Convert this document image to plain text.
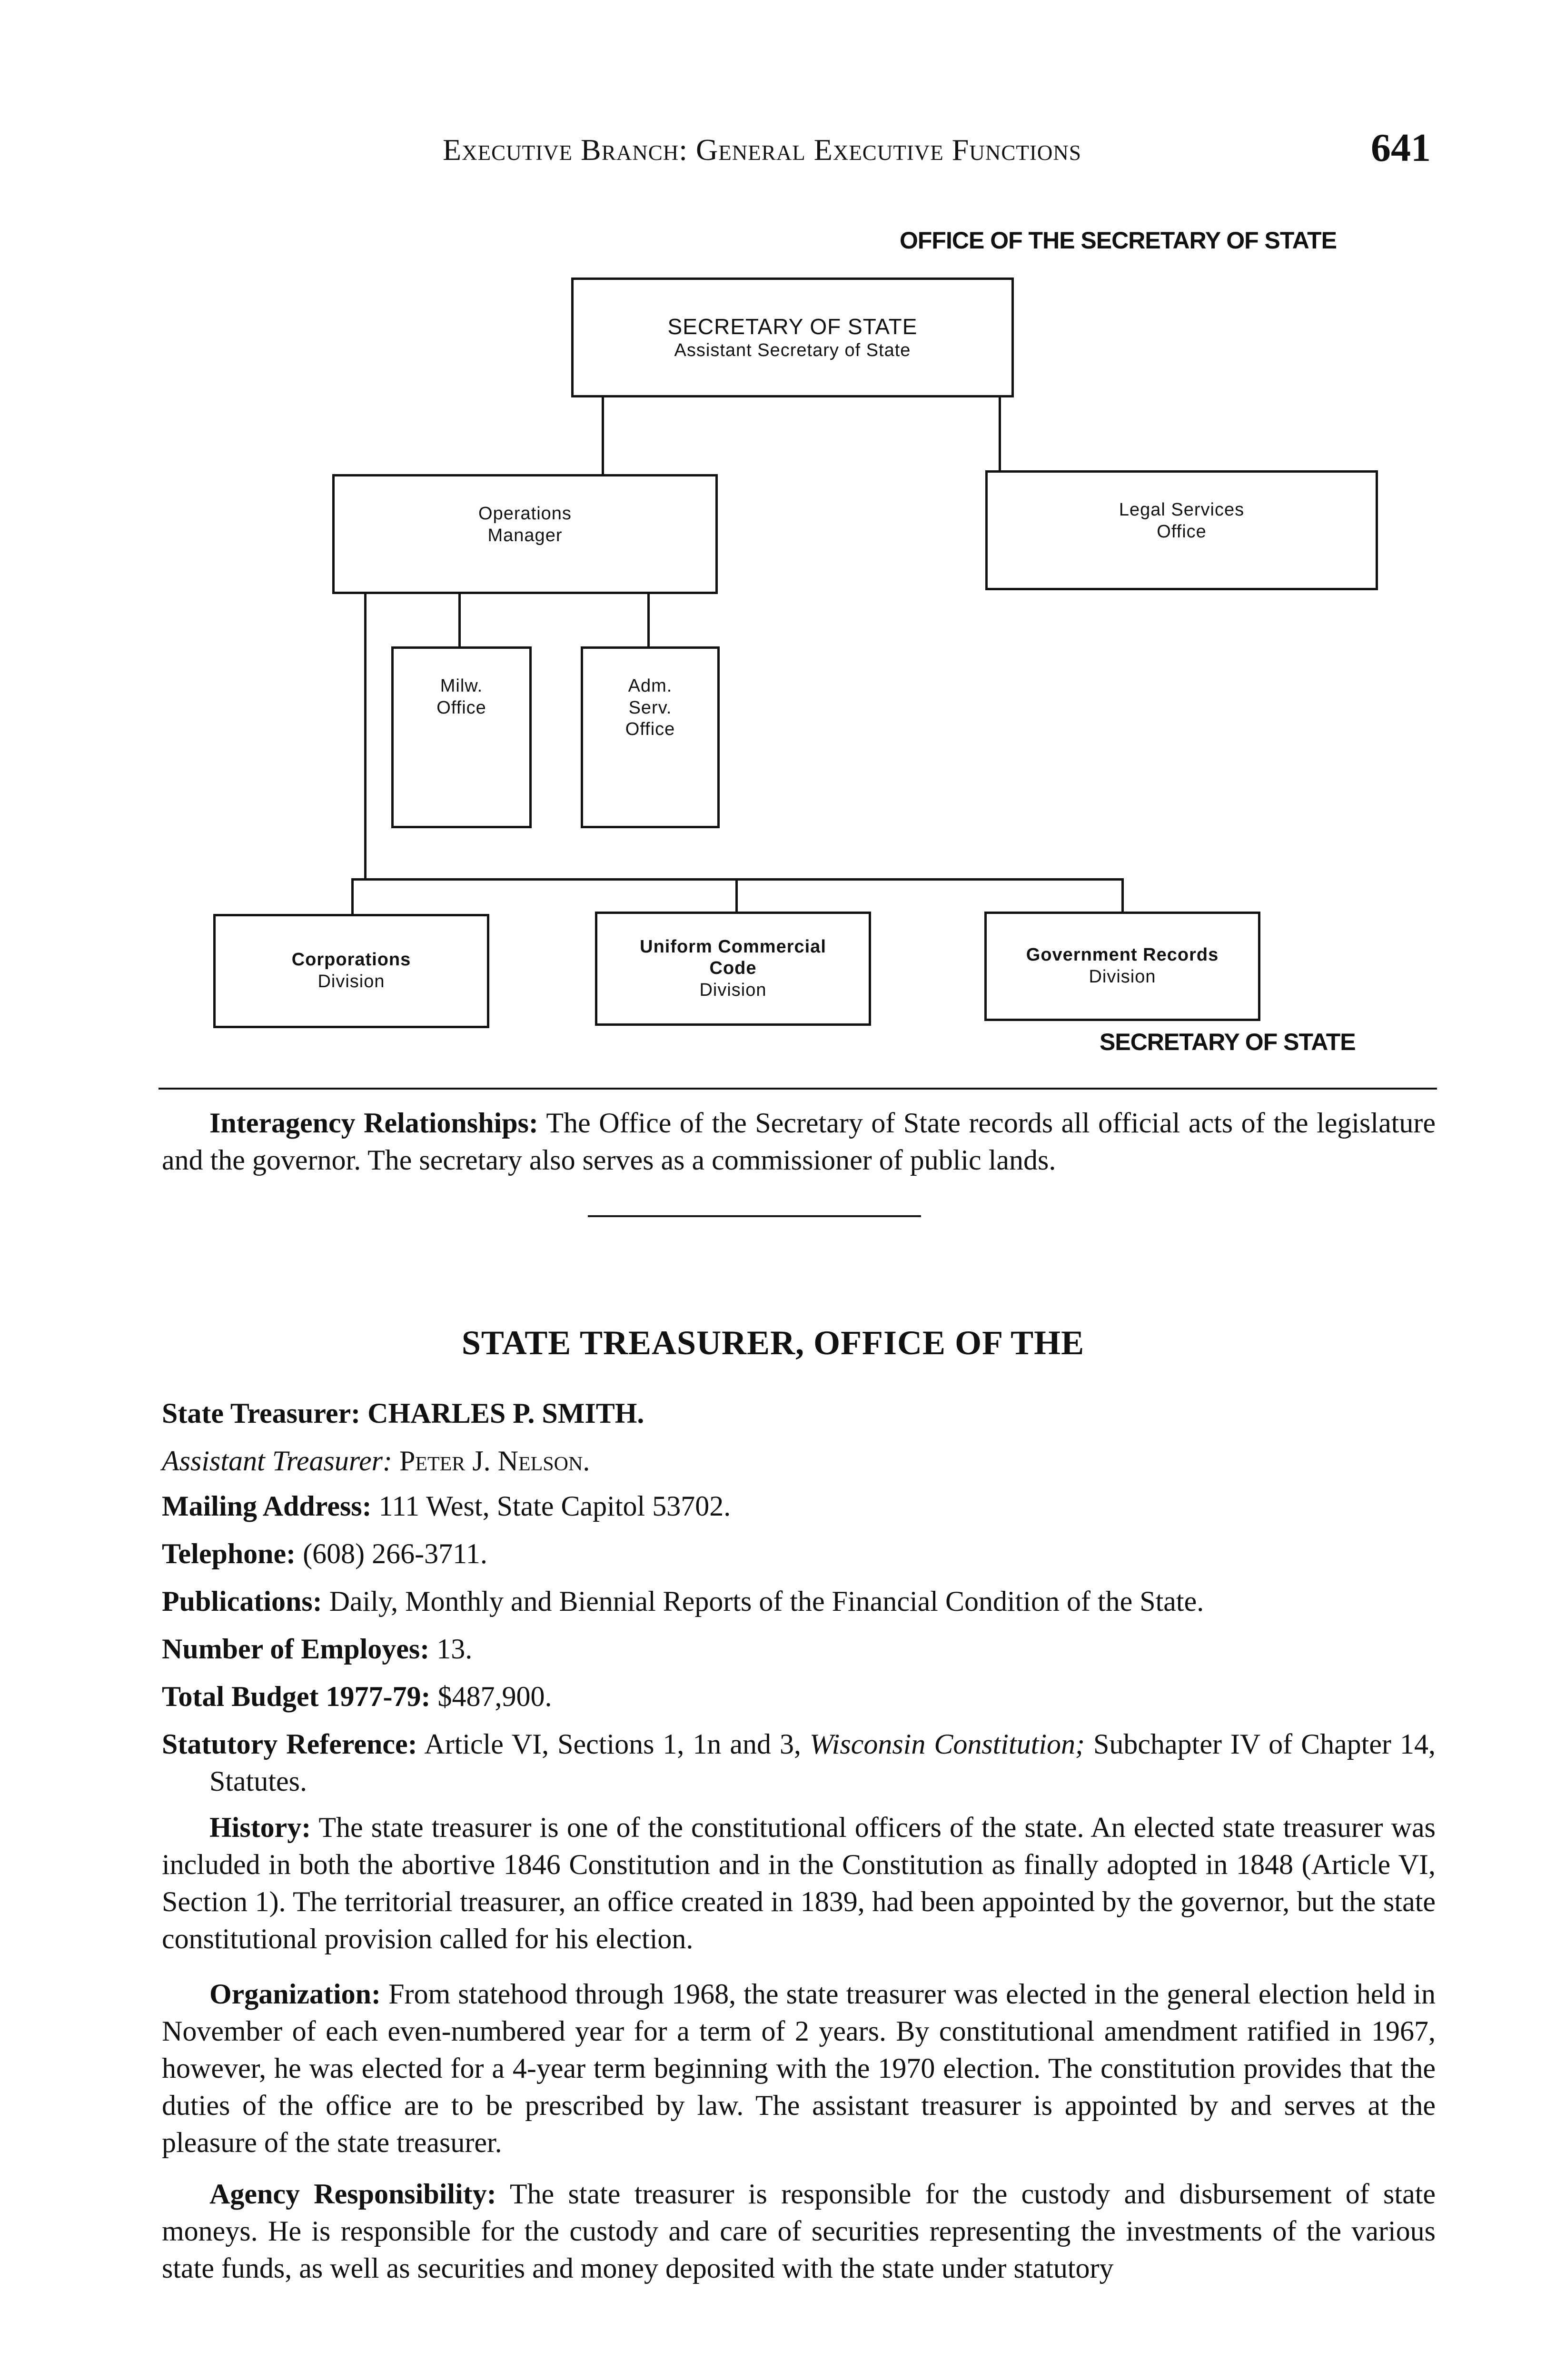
Executive Branch: General Executive Functions	641
OFFICE OF THE SECRETARY OF STATE
SECRETARY OF STATE
Assistant Secretary of State
Operations
Manager
Legal Services
Office
Milw.
Office
Adm.
Serv.
Office
Corporations
Division
Uniform Commercial
Code
Division
Government Records
Division
SECRETARY OF STATE
Interagency Relationships: The Office of the Secretary of State records all official acts of the legislature and the governor. The secretary also serves as a commissioner of public lands.
STATE TREASURER, OFFICE OF THE
State Treasurer: CHARLES P. SMITH.
Assistant Treasurer: Peter J. Nelson.
Mailing Address: 111 West, State Capitol 53702.
Telephone: (608) 266-3711.
Publications: Daily, Monthly and Biennial Reports of the Financial Condition of the State.
Number of Employes: 13.
Total Budget 1977-79: $487,900.
Statutory Reference: Article VI, Sections 1, 1n and 3, Wisconsin Constitution; Subchapter IV of Chapter 14, Statutes.
History: The state treasurer is one of the constitutional officers of the state. An elected state treasurer was included in both the abortive 1846 Constitution and in the Constitution as finally adopted in 1848 (Article VI, Section 1). The territorial treasurer, an office created in 1839, had been appointed by the governor, but the state constitutional provision called for his election.
Organization: From statehood through 1968, the state treasurer was elected in the general election held in November of each even-numbered year for a term of 2 years. By constitutional amendment ratified in 1967, however, he was elected for a 4-year term beginning with the 1970 election. The constitution provides that the duties of the office are to be prescribed by law. The assistant treasurer is appointed by and serves at the pleasure of the state treasurer.
Agency Responsibility: The state treasurer is responsible for the custody and disbursement of state moneys. He is responsible for the custody and care of securities representing the investments of the various state funds, as well as securities and money deposited with the state under statutory
